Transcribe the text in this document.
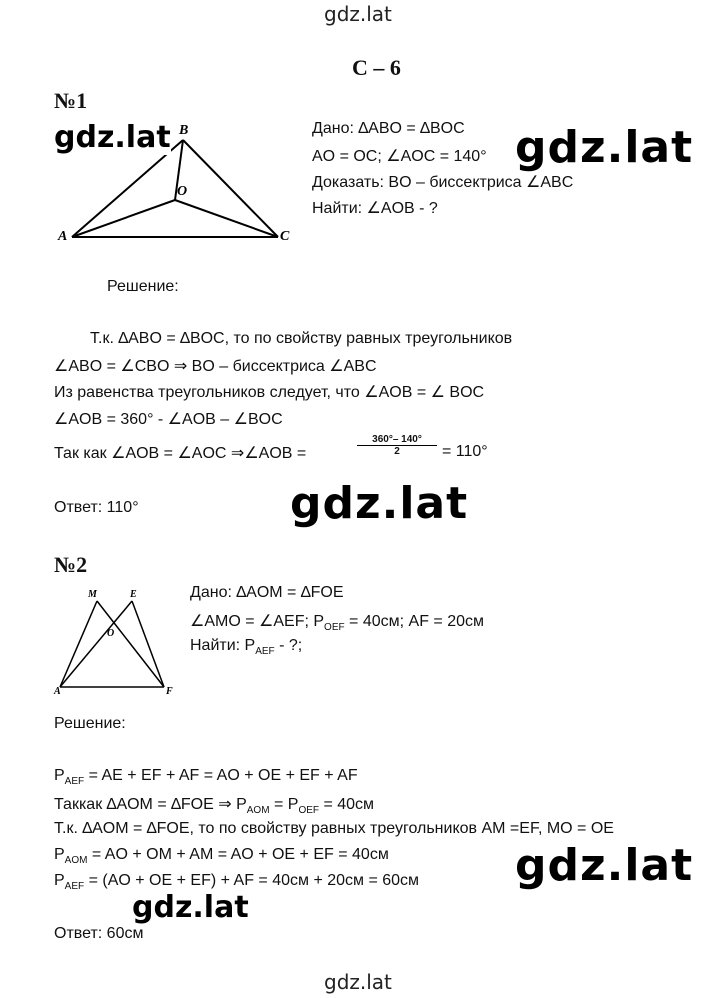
gdz.lat
gdz.lat
С – 6
№1
A
B
C
O
gdz.lat	Дано: ∆ABO = ∆BOC
AO = OC; ∠AOC = 140°
Доказать: BO – биссектриса ∠ABC
Найти: ∠AOB - ?
gdz.lat
Решение:
Т.к. ∆ABO = ∆BOC, то по свойству равных треугольников
∠ABO = ∠CBO ⇒ BO – биссектриса ∠ABC
Из равенства треугольников следует, что ∠AOB = ∠ BOC
∠AOB = 360° - ∠AOB – ∠BOC
Так как ∠AOB = ∠AOC ⇒∠AOB =	$\frac{360^\circ- 140^\circ}{2} = 110^\circ$
Ответ: 110°	gdz.lat
№2
M	E
O
A	F
Дано: ∆AOM = ∆FOE
∠AMO = ∠AEF; $P_{OEF} = 40см$; AF = 20см
Найти: $P_{AEF}$ - ?;
Решение:
$P_{AEF}$ = AE + EF + AF = AO + OE + EF + AF
Таккак ∆AOM = ∆FOE ⇒ $P_{AOM} = P_{OEF} = 40см$
Т.к. ∆AOM = ∆FOE, то по свойству равных треугольников AM =EF, MO = OE
$P_{AOM}$ = AO + OM + AM = AO + OE + EF = 40см
$P_{AEF} = (AO$ + OE + EF) + AF = 40см + 20см = 60см gdz.lat
gdz.lat
Ответ: 60см
